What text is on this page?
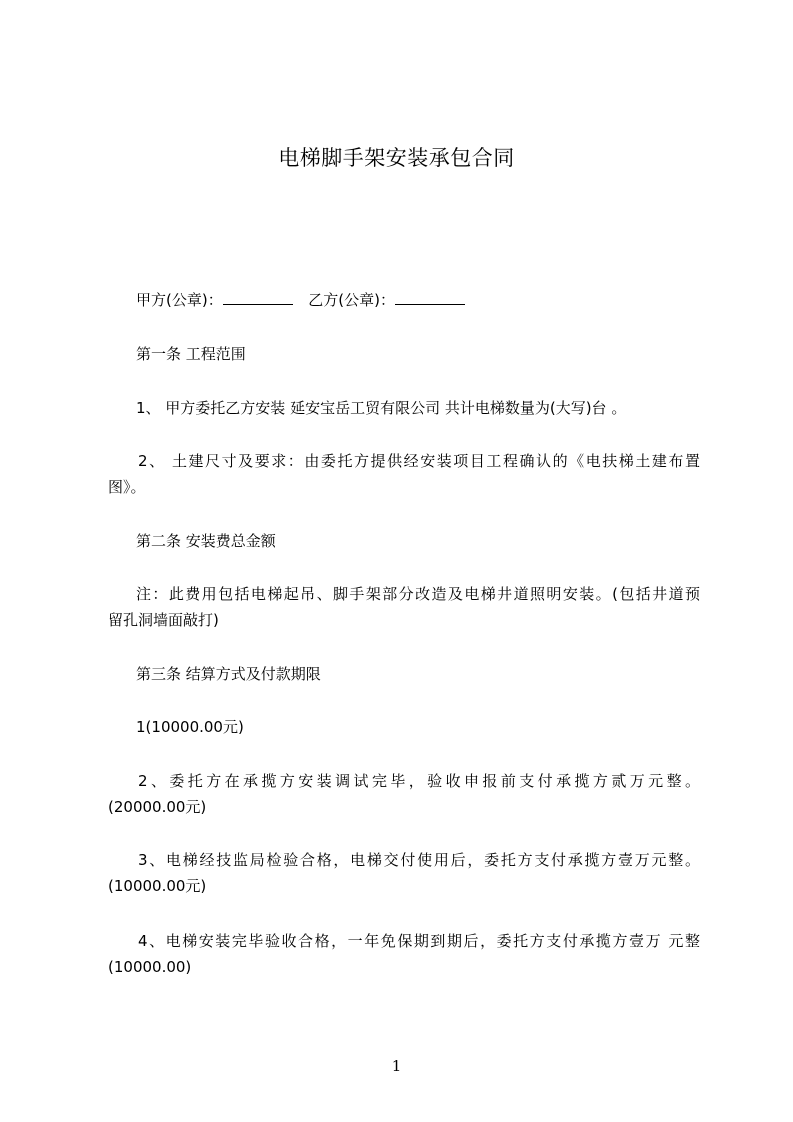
电梯脚手架安装承包合同
甲方(公章)：	乙方(公章)：
第一条 工程范围
1、 甲方委托乙方安装 延安宝岳工贸有限公司 共计电梯数量为(大写)台 。
2、 土建尺寸及要求：由委托方提供经安装项目工程确认的《电扶梯土建布置
图》。
第二条 安装费总金额
注：此费用包括电梯起吊、脚手架部分改造及电梯井道照明安装。(包括井道预
留孔洞墙面敲打)
第三条 结算方式及付款期限
1(10000.00元)
2、委托方在承揽方安装调试完毕，验收申报前支付承揽方贰万元整。
(20000.00元)
3、电梯经技监局检验合格，电梯交付使用后，委托方支付承揽方壹万元整。
(10000.00元)
4、电梯安装完毕验收合格，一年免保期到期后，委托方支付承揽方壹万 元整
(10000.00)
1
